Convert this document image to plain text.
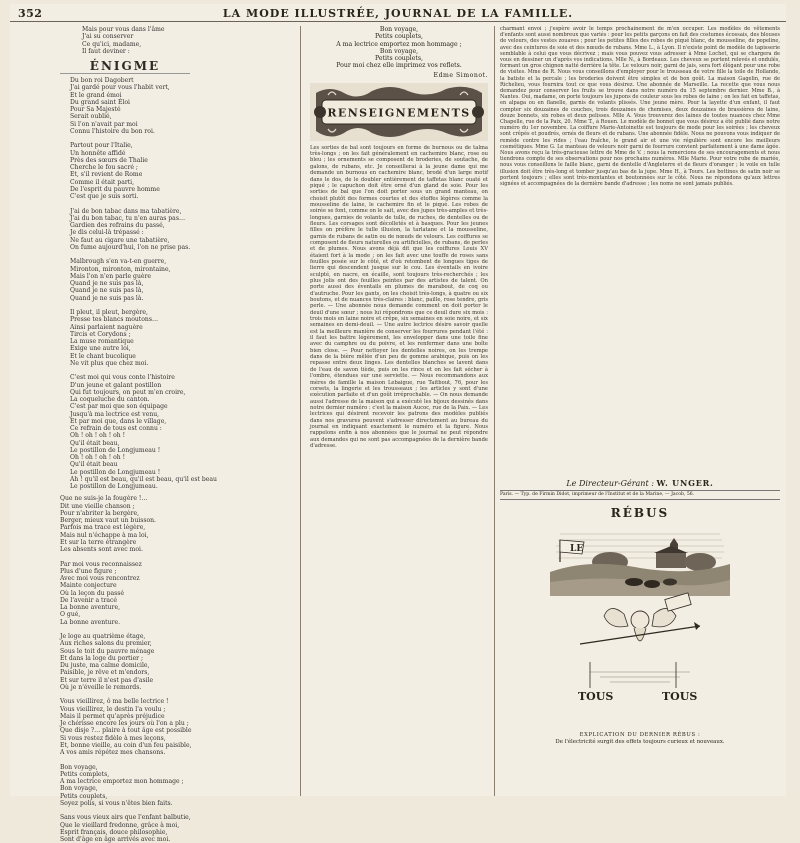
352	LA MODE ILLUSTRÉE, JOURNAL DE LA FAMILLE.
Mais pour vous dans l'âme
J'ai su conserver
Ce qu'ici, madame,
Il faut deviner :
ÉNIGME
Du bon roi Dagobert
J'ai gardé pour vous l'habit vert,
Et le grand émoi
Du grand saint Éloi
Pour Sa Majesté
Serait oublié,
Si l'on n'avait par moi
Connu l'histoire du bon roi.

Partout pour l'Italie,
Un honnête affidé
Près des sœurs de Thalie
Cherche le fou sacré ;
Et, s'il revient de Rome
Comme il était parti,
De l'esprit du pauvre homme
C'est que je suis sorti.

J'ai de bon tabac dans ma tabatière,
J'ai du bon tabac, tu n'en auras pas…
Gardien des refrains du passé,
Je dis celui-là trépassé :
Ne faut au cigare une tabatière,
On fume aujourd'hui, l'on ne prise pas.

Malbrough s'en va-t-en guerre,
Mironton, mironton, mirontaine,
Mais l'on n'en parle guère
Quand je ne suis pas là,
Quand je ne suis pas là,
Quand je ne suis pas là.

Il pleut, il pleut, bergère,
Presse tes blancs moutons…
Ainsi parlaient naguère
Tircis et Corydons ;
La muse romantique
Exige une autre loi,
Et le chant bucolique
Ne vit plus que chez moi.

C'est moi qui vous conte l'histoire
D'un jeune et galant postillon
Qui fut toujours, on peut m'en croire,
La coqueluche du canton.
C'est par moi que son équipage
Jusqu'à ma lectrice est venu,
Et par moi que, dans le village,
Ce refrain de tous est connu :
Oh ! oh ! oh ! oh !
Qu'il était beau,
Le postillon de Longjumeau !
Oh ! oh ! oh ! oh !
Qu'il était beau
Le postillon de Longjumeau !
Ah ! qu'il est beau, qu'il est beau, qu'il est beau
Le postillon de Longjumeau.
Que ne suis-je la fougère !…
Dit une vieille chanson ;
Pour n'abriter la bergère,
Berger, mieux vaut un buisson.
Parfois ma trace est légère,
Mais nul n'échappe à ma loi,
Et sur la terre étrangère
Les absents sont avec moi.

Par moi vous reconnaissez
Plus d'une figure ;
Avec moi vous rencontrez
Mainte conjecture
Où la leçon du passé
De l'avenir a tracé
La bonne aventure,
O gué,
La bonne aventure.

Je loge au quatrième étage,
Aux riches salons du premier,
Sous le toit du pauvre ménage
Et dans la loge du portier ;
Du juste, ma calme domicile,
Paisible, je rêve et m'endors,
Et sur terre il n'est pas d'asile
Où je n'éveille le remords.

Vous vieillirez, ô ma belle lectrice !
Vous vieillirez, le destin l'a voulu ;
Mais il permet qu'après préjudice
Je chérisse encore les jours où l'on a plu ;
Que disje ?… plaire à tout âge est possible
Si vous restez fidèle à mes leçons,
Et, bonne vieille, au coin d'un feu paisible,
A vos amis répétez mes chansons.

Bon voyage,
Petits complets,
A ma lectrice emportez mon hommage ;
Bon voyage,
Petits couplets,
Soyez polis, si vous n'êtes bien faits.

Sans vous vieux airs que l'enfant balbutie,
Que le vieillard fredonne, grâce à moi,
Esprit français, douce philosophie,
Sont d'âge en âge arrivés avec moi.
Bon voyage,
Petits couplets,
A ma lectrice emportez mon hommage ;
Bon voyage,
Petits couplets,
Pour moi chez elle imprimez vos reflets.
Edme Simonot.
RENSEIGNEMENTS
Les sorties de bal sont toujours en forme de burnous ou de talma très-longs ; on les fait généralement en cachemire blanc, rose ou bleu ; les ornements se composent de broderies, de soutache, de galons, de rubans, etc. Je conseillerai à la jeune dame qui me demande un burnous en cachemire blanc, brodé d'un large motif dans le dos, de le doubler entièrement de taffetas blanc ouaté et piqué ; le capuchon doit être orné d'un gland de soie. Pour les sorties de bal que l'on doit porter sous un grand manteau, on choisit plutôt des formes courtes et des étoffes légères comme la mousseline de laine, le cachemire fin et le piqué. Les robes de soirée se font, comme on le sait, avec des jupes très-amples et très-longues, garnies de volants de tulle, de ruches, de dentelles ou de fleurs. Les corsages sont décolletés et à basques. Pour les jeunes filles on préfère le tulle illusion, la tarlatane et la mousseline, garnis de rubans de satin ou de nœuds de velours. Les coiffures se composent de fleurs naturelles ou artificielles, de rubans, de perles et de plumes. Nous avons déjà dit que les coiffures Louis XV étaient fort à la mode ; on les fait avec une touffe de roses sans feuilles posée sur le côté, et d'où retombent de longues tiges de lierre qui descendent jusque sur le cou. Les éventails en ivoire sculpté, en nacre, en écaille, sont toujours très-recherchés ; les plus jolis ont des feuilles peintes par des artistes de talent. On porte aussi des éventails en plumes de marabout, de coq ou d'autruche. Pour les gants, on les choisit très-longs, à quatre ou six boutons, et de nuances très-claires : blanc, paille, rose tendre, gris perle. — Une abonnée nous demande comment on doit porter le deuil d'une sœur ; nous lui répondrons que ce deuil dure six mois : trois mois en laine noire et crêpe, six semaines en soie noire, et six semaines en demi-deuil. — Une autre lectrice désire savoir quelle est la meilleure manière de conserver les fourrures pendant l'été : il faut les battre légèrement, les envelopper dans une toile fine avec du camphre ou du poivre, et les renfermer dans une boîte bien close. — Pour nettoyer les dentelles noires, on les trempe dans de la bière mêlée d'un peu de gomme arabique, puis on les repasse entre deux linges. Les dentelles blanches se lavent dans de l'eau de savon tiède, puis on les rince et on les fait sécher à l'ombre, étendues sur une serviette. — Nous recommandons aux mères de famille la maison Lebaigue, rue Taitbout, 76, pour les corsets, la lingerie et les trousseaux ; les articles y sont d'une exécution parfaite et d'un goût irréprochable. — On nous demande aussi l'adresse de la maison qui a exécuté les bijoux dessinés dans notre dernier numéro : c'est la maison Aucoc, rue de la Paix. — Les lectrices qui désirent recevoir les patrons des modèles publiés dans nos gravures peuvent s'adresser directement au bureau du journal en indiquant exactement le numéro et la figure. Nous rappelons enfin à nos abonnées que le journal ne peut répondre aux demandes qui ne sont pas accompagnées de la dernière bande d'adresse.
charmant envoi ; j'espère avoir le temps prochainement de m'en occuper. Les modèles de vêtements d'enfants sont aussi nombreux que variés : pour les petits garçons on fait des costumes écossais, des blouses de velours, des vestes zouaves ; pour les petites filles des robes de piqué blanc, de mousseline, de popeline, avec des ceintures de soie et des nœuds de rubans. Mme L., à Lyon. Il n'existe point de modèle de tapisserie semblable à celui que vous décrivez ; mais vous pouvez vous adresser à Mme Lochet, qui se chargera de vous en dessiner un d'après vos indications. Mlle N., à Bordeaux. Les cheveux se portent relevés et ondulés, formant un gros chignon natté derrière la tête. Le velours noir, garni de jais, sera fort élégant pour une robe de visites. Mme de R. Nous vous conseillons d'employer pour le trousseau de votre fille la toile de Hollande, la batiste et la percale ; les broderies doivent être simples et de bon goût. La maison Gagelin, rue de Richelieu, vous fournira tout ce que vous désirez. Une abonnée de Marseille. La recette que vous nous demandez pour conserver les fruits se trouve dans notre numéro du 15 septembre dernier. Mme B., à Nantes. Oui, madame, on porte toujours les jupons de couleur sous les robes de laine ; on les fait en taffetas, en alpaga ou en flanelle, garnis de volants plissés. Une jeune mère. Pour la layette d'un enfant, il faut compter six douzaines de couches, trois douzaines de chemises, deux douzaines de brassières de laine, douze bonnets, six robes et deux pelisses. Mlle A. Vous trouverez des laines de toutes nuances chez Mme Chapelle, rue de la Paix, 20. Mme T., à Rouen. Le modèle de bonnet que vous désirez a été publié dans notre numéro du 1er novembre. La coiffure Marie-Antoinette est toujours de mode pour les soirées ; les cheveux sont crêpés et poudrés, ornés de fleurs et de rubans. Une abonnée fidèle. Nous ne pouvons vous indiquer de remède contre les rides ; l'eau fraîche, le grand air et une vie régulière sont encore les meilleurs cosmétiques. Mme G. Le manteau de velours noir garni de fourrure convient parfaitement à une dame âgée. Nous avons reçu la très-gracieuse lettre de Mme de V. ; nous la remercions de ses encouragements et nous tiendrons compte de ses observations pour nos prochains numéros. Mlle Marie. Pour votre robe de mariée, nous vous conseillons le faille blanc, garni de dentelle d'Angleterre et de fleurs d'oranger ; le voile en tulle illusion doit être très-long et tomber jusqu'au bas de la jupe. Mme H., à Tours. Les bottines de satin noir se portent toujours ; elles sont très-montantes et boutonnées sur le côté. Nous ne répondons qu'aux lettres signées et accompagnées de la dernière bande d'adresse ; les noms ne sont jamais publiés.
Le Directeur-Gérant : W. UNGER.
Paris. — Typ. de Firmin Didot, imprimeur de l'Institut et de la Marine, — Jacob, 56.
RÉBUS
LE
TOUS	TOUS
EXPLICATION DU DERNIER RÉBUS :
De l'électricité surgit des effets toujours curieux et nouveaux.
